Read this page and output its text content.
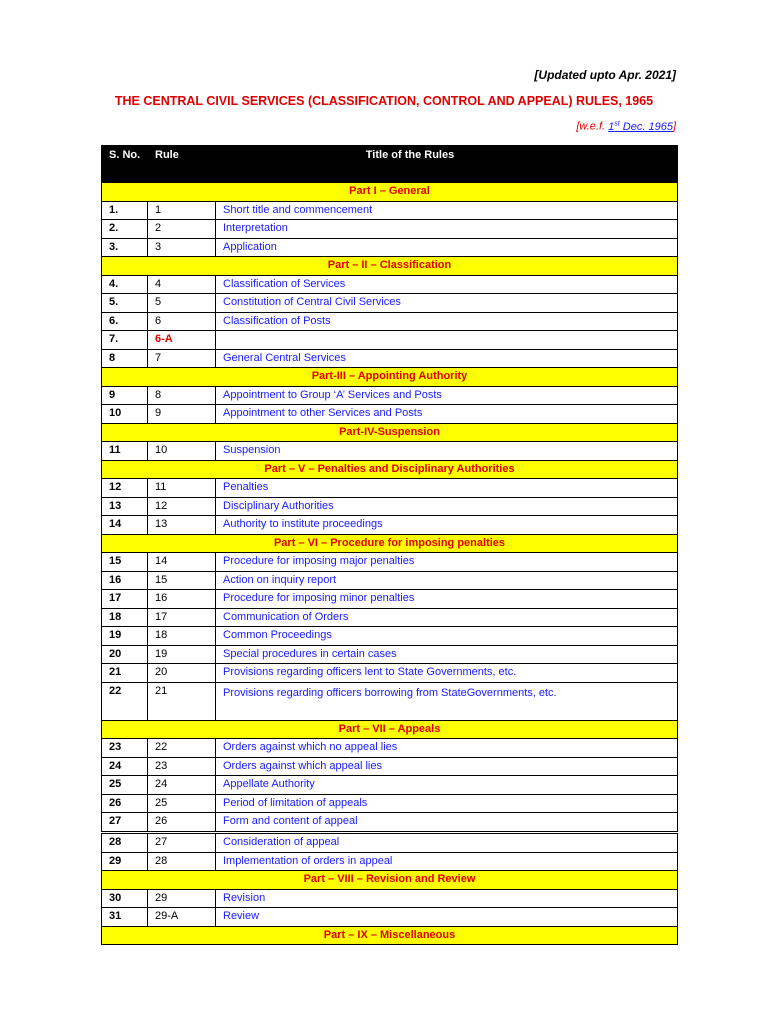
[Updated upto Apr. 2021]
THE CENTRAL CIVIL SERVICES (CLASSIFICATION, CONTROL AND APPEAL) RULES, 1965
[w.e.f. 1st Dec. 1965]
S. No.	Rule	Title of the Rules
Part I – General		
1.	1	Short title and commencement
2.	2	Interpretation
3.	3	Application
Part – II – Classification		
4.	4	Classification of Services
5.	5	Constitution of Central Civil Services
6.	6	Classification of Posts
7.	6-A	
8	7	General Central Services
Part-III – Appointing Authority		
9	8	Appointment to Group ‘A’ Services and Posts
10	9	Appointment to other Services and Posts
Part-IV-Suspension		
11	10	Suspension
Part – V – Penalties and Disciplinary Authorities		
12	11	Penalties
13	12	Disciplinary Authorities
14	13	Authority to institute proceedings
Part – VI – Procedure for imposing penalties		
15	14	Procedure for imposing major penalties
16	15	Action on inquiry report
17	16	Procedure for imposing minor penalties
18	17	Communication of Orders
19	18	Common Proceedings
20	19	Special procedures in certain cases
21	20	Provisions regarding officers lent to State Governments, etc.
22	21	Provisions regarding officers borrowing from StateGovernments, etc.
Part – VII – Appeals		
23	22	Orders against which no appeal lies
24	23	Orders against which appeal lies
25	24	Appellate Authority
26	25	Period of limitation of appeals
27	26	Form and content of appeal
28	27	Consideration of appeal
29	28	Implementation of orders in appeal
Part – VIII – Revision and Review		
30	29	Revision
31	29-A	Review
Part – IX – Miscellaneous		
